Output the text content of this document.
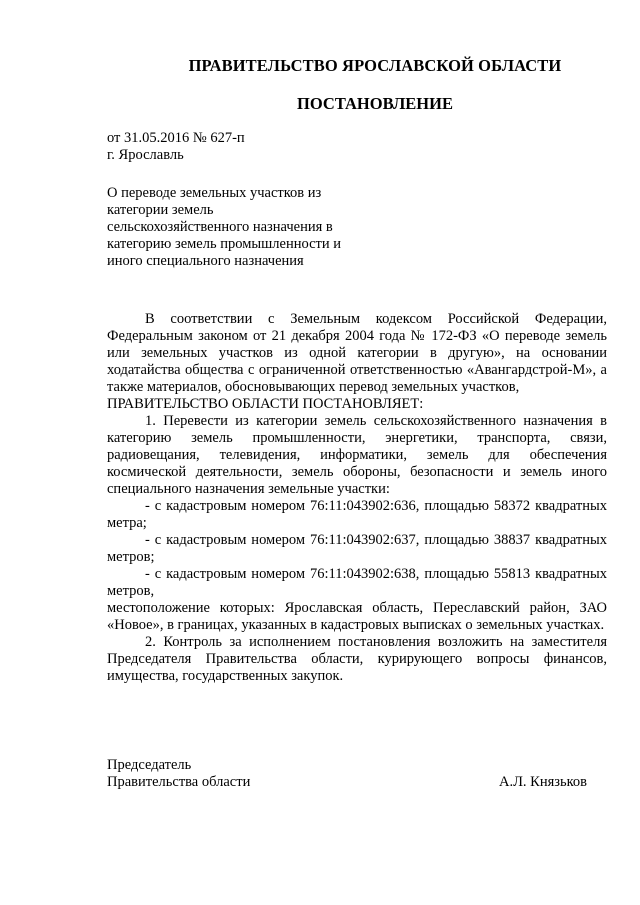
ПРАВИТЕЛЬСТВО ЯРОСЛАВСКОЙ ОБЛАСТИ
ПОСТАНОВЛЕНИЕ

от 31.05.2016 № 627-п

г. Ярославль

О переводе земельных участков из категории земель сельскохозяйственного назначения в категорию земель промышленности и иного специального назначения

В соответствии с Земельным кодексом Российской Федерации, Федеральным законом от 21 декабря 2004 года № 172-ФЗ «О переводе земель или земельных участков из одной категории в другую», на основании ходатайства общества с ограниченной ответственностью «Авангардстрой-М», а также материалов, обосновывающих перевод земельных участков,

ПРАВИТЕЛЬСТВО ОБЛАСТИ ПОСТАНОВЛЯЕТ:

1. Перевести из категории земель сельскохозяйственного назначения в категорию земель промышленности, энергетики, транспорта, связи, радиовещания, телевидения, информатики, земель для обеспечения космической деятельности, земель обороны, безопасности и земель иного специального назначения земельные участки:

- с кадастровым номером 76:11:043902:636, площадью 58372 квадратных метра;

- с кадастровым номером 76:11:043902:637, площадью 38837 квадратных метров;

- с кадастровым номером 76:11:043902:638, площадью 55813 квадратных метров,

местоположение которых: Ярославская область, Переславский район, ЗАО «Новое», в границах, указанных в кадастровых выписках о земельных участках.

2. Контроль за исполнением постановления возложить на заместителя Председателя Правительства области, курирующего вопросы финансов, имущества, государственных закупок.

Председатель

Правительства области	А.Л. Князьков
